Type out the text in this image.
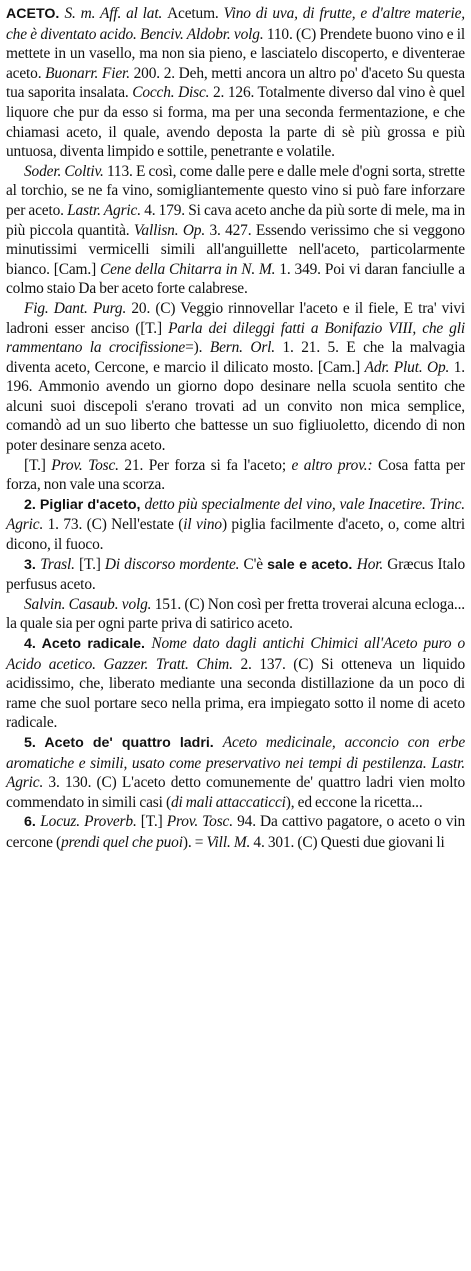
ACETO. S. m. Aff. al lat. Acetum. Vino di uva, di frutte, e d'altre materie, che è diventato acido. Benciv. Aldobr. volg. 110. (C) Prendete buono vino e il mettete in un vasello, ma non sia pieno, e lasciatelo discoperto, e diventerae aceto. Buonarr. Fier. 200. 2. Deh, metti ancora un altro po' d'aceto Su questa tua saporita insalata. Cocch. Disc. 2. 126. Totalmente diverso dal vino è quel liquore che pur da esso si forma, ma per una seconda fermentazione, e che chiamasi aceto, il quale, avendo deposta la parte di sè più grossa e più untuosa, diventa limpido e sottile, penetrante e volatile.

Soder. Coltiv. 113. E così, come dalle pere e dalle mele d'ogni sorta, strette al torchio, se ne fa vino, somigliantemente questo vino si può fare inforzare per aceto. Lastr. Agric. 4. 179. Si cava aceto anche da più sorte di mele, ma in più piccola quantità. Vallisn. Op. 3. 427. Essendo verissimo che si veggono minutissimi vermicelli simili all'anguillette nell'aceto, particolarmente bianco. [Cam.] Cene della Chitarra in N. M. 1. 349. Poi vi daran fanciulle a colmo staio Da ber aceto forte calabrese.

Fig. Dant. Purg. 20. (C) Veggio rinnovellar l'aceto e il fiele, E tra' vivi ladroni esser anciso ([T.] Parla dei dileggi fatti a Bonifazio VIII, che gli rammentano la crocifissione=). Bern. Orl. 1. 21. 5. E che la malvagia diventa aceto, Cercone, e marcio il dilicato mosto. [Cam.] Adr. Plut. Op. 1. 196. Ammonio avendo un giorno dopo desinare nella scuola sentito che alcuni suoi discepoli s'erano trovati ad un convito non mica semplice, comandò ad un suo liberto che battesse un suo figliuoletto, dicendo di non poter desinare senza aceto.

[T.] Prov. Tosc. 21. Per forza si fa l'aceto; e altro prov.: Cosa fatta per forza, non vale una scorza.

2. Pigliar d'aceto, detto più specialmente del vino, vale Inacetire. Trinc. Agric. 1. 73. (C) Nell'estate (il vino) piglia facilmente d'aceto, o, come altri dicono, il fuoco.

3. Trasl. [T.] Di discorso mordente. C'è sale e aceto. Hor. Græcus Italo perfusus aceto.

Salvin. Casaub. volg. 151. (C) Non così per fretta troverai alcuna ecloga... la quale sia per ogni parte priva di satirico aceto.

4. Aceto radicale. Nome dato dagli antichi Chimici all'Aceto puro o Acido acetico. Gazzer. Tratt. Chim. 2. 137. (C) Si otteneva un liquido acidissimo, che, liberato mediante una seconda distillazione da un poco di rame che suol portare seco nella prima, era impiegato sotto il nome di aceto radicale.

5. Aceto de' quattro ladri. Aceto medicinale, acconcio con erbe aromatiche e simili, usato come preservativo nei tempi di pestilenza. Lastr. Agric. 3. 130. (C) L'aceto detto comunemente de' quattro ladri vien molto commendato in simili casi (di mali attaccaticci), ed eccone la ricetta...

6. Locuz. Proverb. [T.] Prov. Tosc. 94. Da cattivo pagatore, o aceto o vin cercone (prendi quel che puoi). = Vill. M. 4. 301. (C) Questi due giovani li
